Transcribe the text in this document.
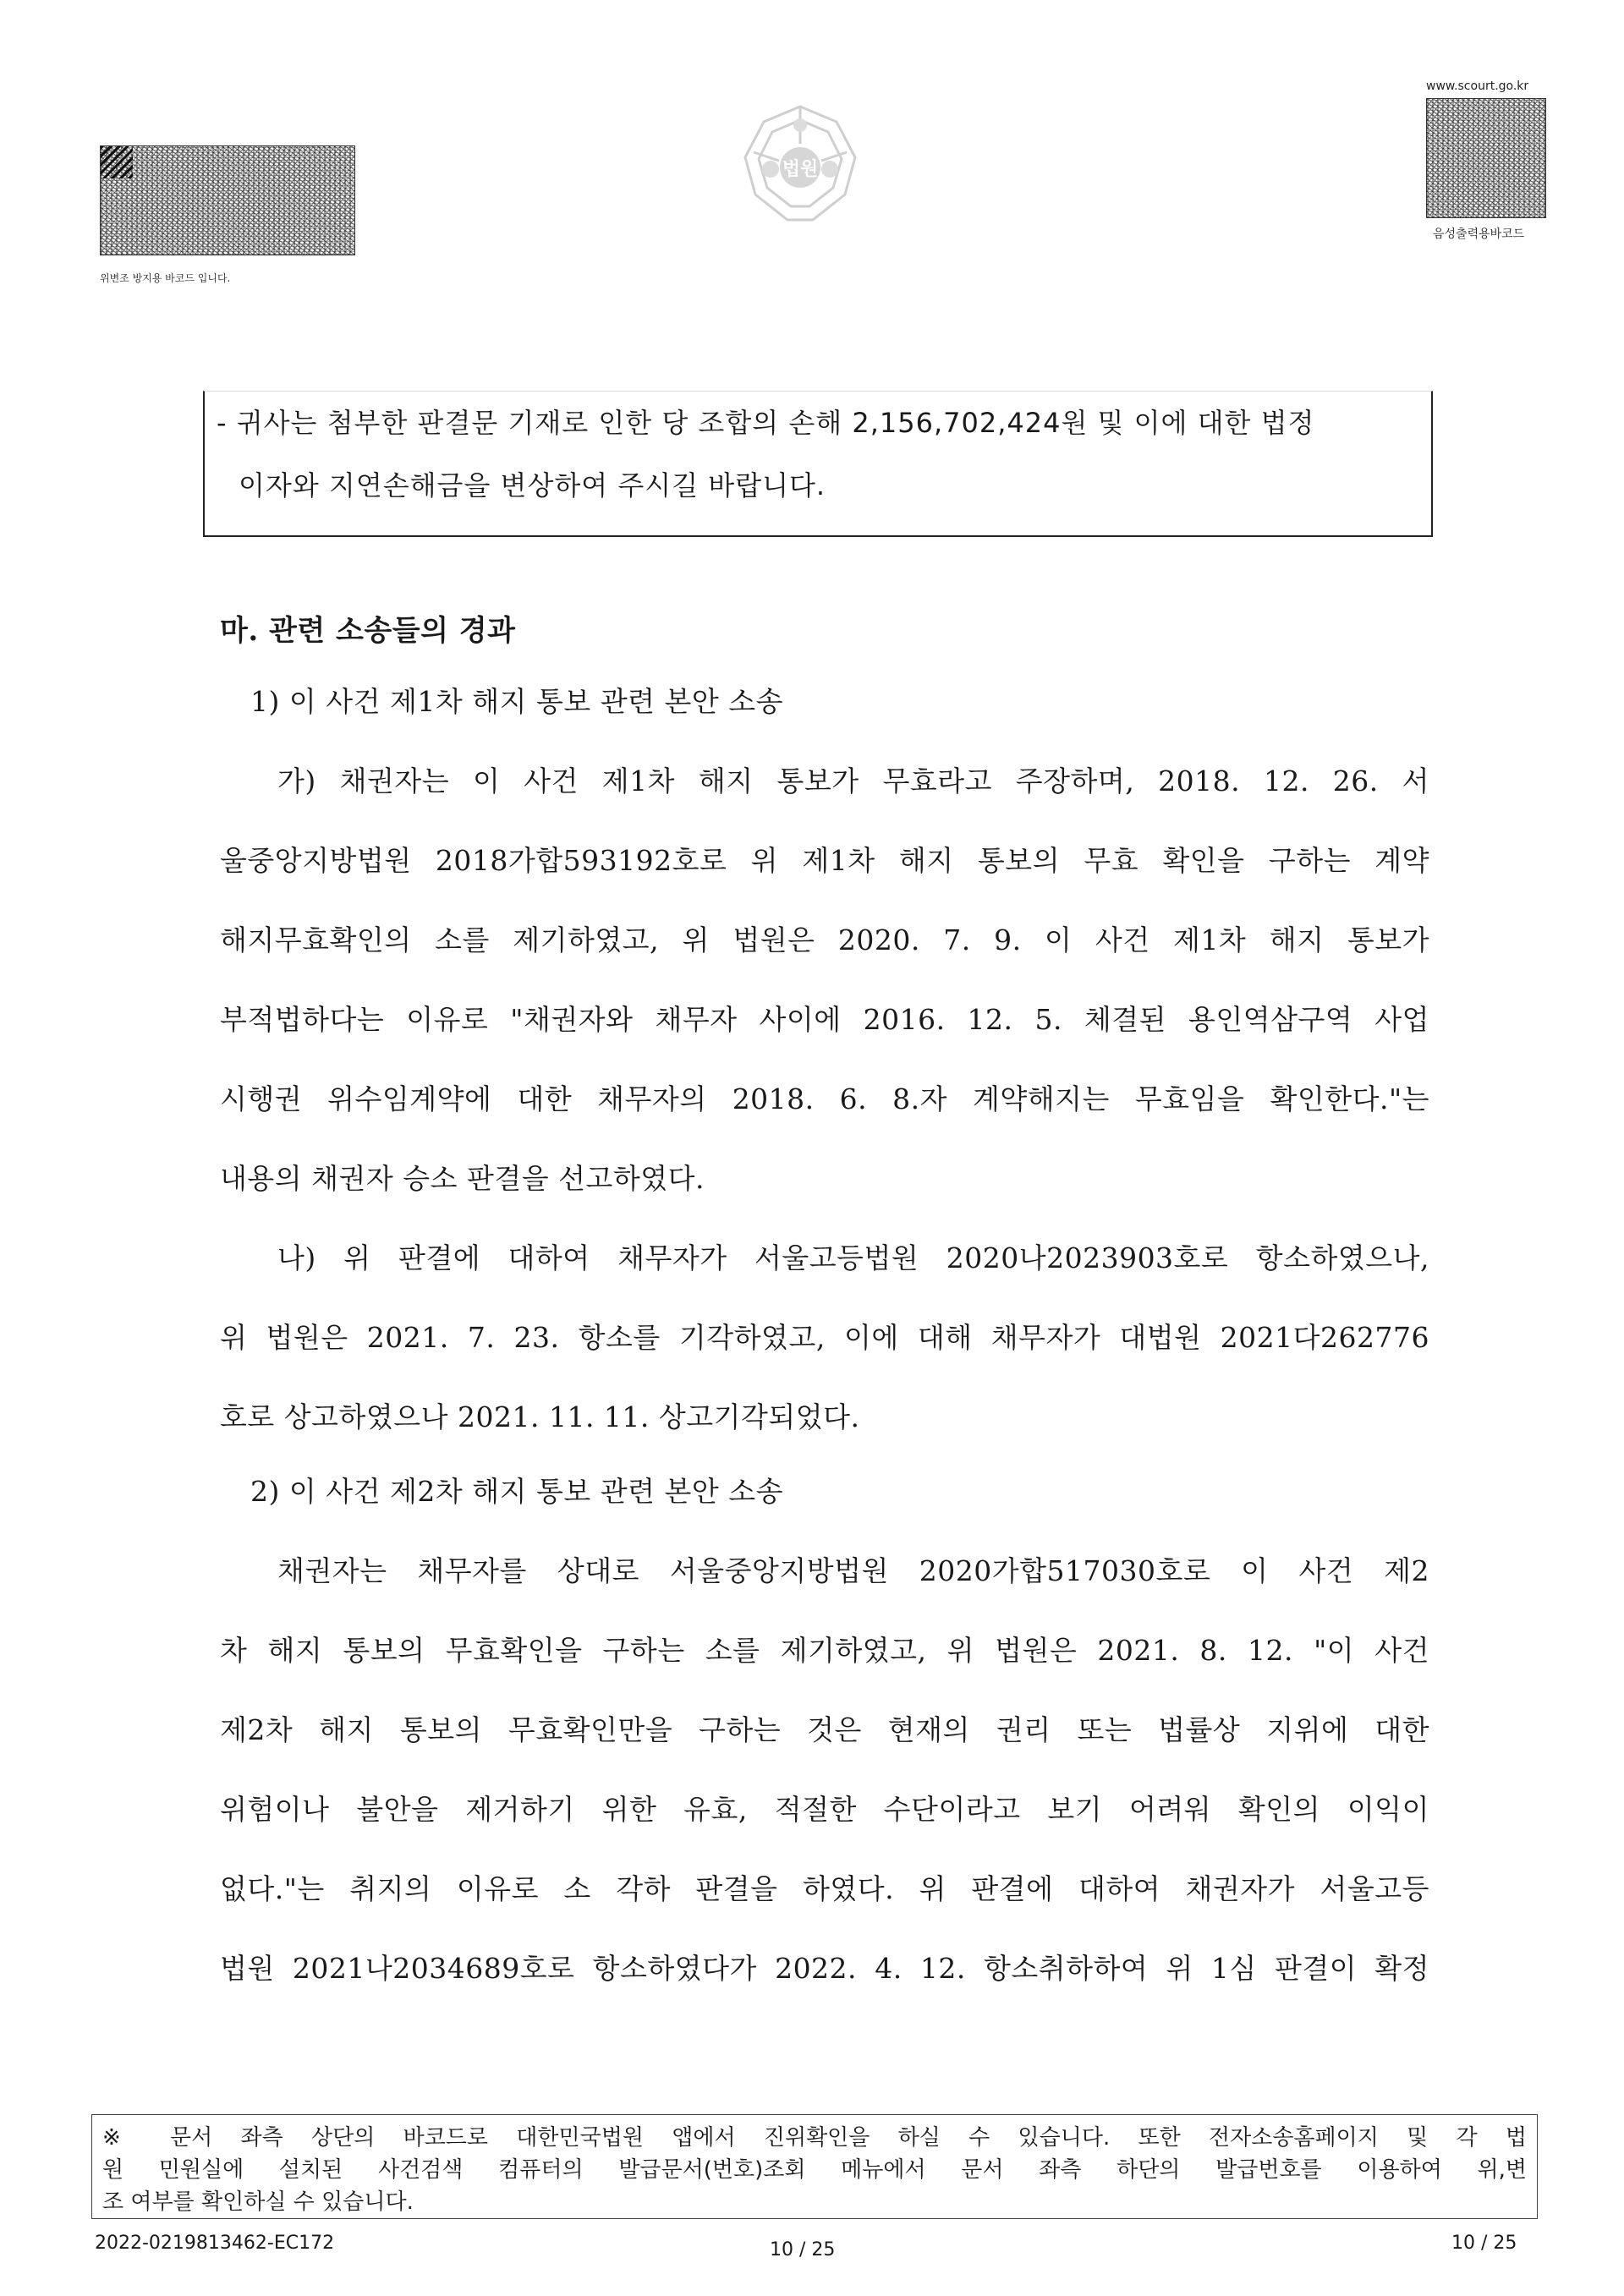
위변조 방지용 바코드 입니다.
법원
www.scourt.go.kr
음성출력용바코드
- 귀사는 첨부한 판결문 기재로 인한 당 조합의 손해 2,156,702,424원 및 이에 대한 법정
이자와 지연손해금을 변상하여 주시길 바랍니다.
마. 관련 소송들의 경과
1) 이 사건 제1차 해지 통보 관련 본안 소송
가) 채권자는 이 사건 제1차 해지 통보가 무효라고 주장하며, 2018. 12. 26. 서
울중앙지방법원 2018가합593192호로 위 제1차 해지 통보의 무효 확인을 구하는 계약
해지무효확인의 소를 제기하였고, 위 법원은 2020. 7. 9. 이 사건 제1차 해지 통보가
부적법하다는 이유로 "채권자와 채무자 사이에 2016. 12. 5. 체결된 용인역삼구역 사업
시행권 위수임계약에 대한 채무자의 2018. 6. 8.자 계약해지는 무효임을 확인한다."는
내용의 채권자 승소 판결을 선고하였다.
나) 위 판결에 대하여 채무자가 서울고등법원 2020나2023903호로 항소하였으나,
위 법원은 2021. 7. 23. 항소를 기각하였고, 이에 대해 채무자가 대법원 2021다262776
호로 상고하였으나 2021. 11. 11. 상고기각되었다.
2) 이 사건 제2차 해지 통보 관련 본안 소송
채권자는 채무자를 상대로 서울중앙지방법원 2020가합517030호로 이 사건 제2
차 해지 통보의 무효확인을 구하는 소를 제기하였고, 위 법원은 2021. 8. 12. "이 사건
제2차 해지 통보의 무효확인만을 구하는 것은 현재의 권리 또는 법률상 지위에 대한
위험이나 불안을 제거하기 위한 유효, 적절한 수단이라고 보기 어려워 확인의 이익이
없다."는 취지의 이유로 소 각하 판결을 하였다. 위 판결에 대하여 채권자가 서울고등
법원 2021나2034689호로 항소하였다가 2022. 4. 12. 항소취하하여 위 1심 판결이 확정
※ 문서 좌측 상단의 바코드로 대한민국법원 앱에서 진위확인을 하실 수 있습니다. 또한 전자소송홈페이지 및 각 법
원 민원실에 설치된 사건검색 컴퓨터의 발급문서(번호)조회 메뉴에서 문서 좌측 하단의 발급번호를 이용하여 위,변
조 여부를 확인하실 수 있습니다.
2022-0219813462-EC172	10 / 25	10 / 25
